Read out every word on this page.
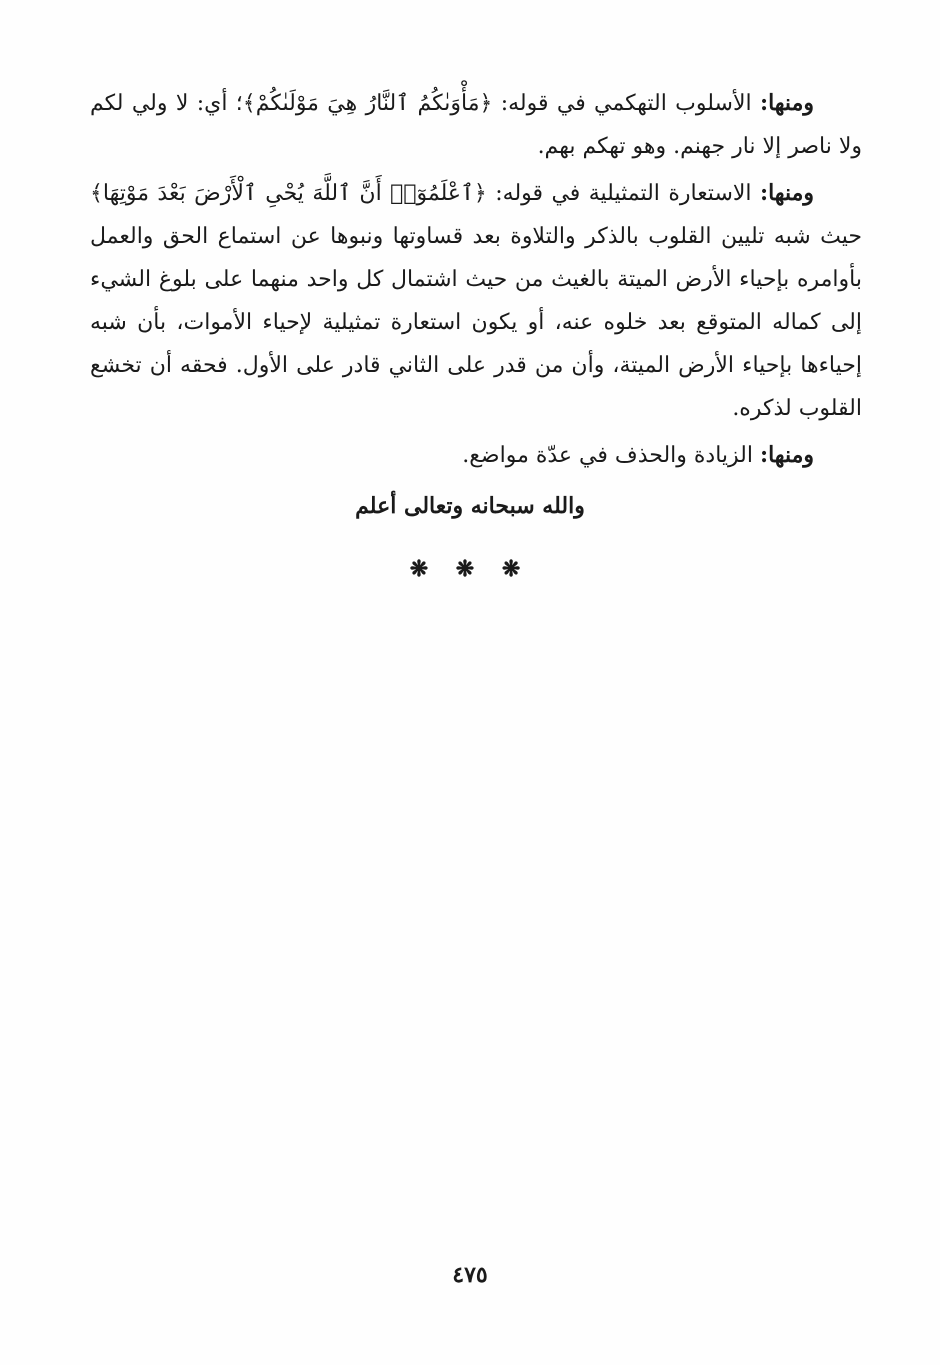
ومنها: الأسلوب التهكمي في قوله: ﴿مَأْوَىٰكُمُ ٱلنَّارُ هِيَ مَوْلَىٰكُمْ﴾؛ أي: لا ولي لكم ولا ناصر إلا نار جهنم. وهو تهكم بهم.

ومنها: الاستعارة التمثيلية في قوله: ﴿ٱعْلَمُوٓا۟ أَنَّ ٱللَّهَ يُحْىِ ٱلْأَرْضَ بَعْدَ مَوْتِهَا﴾ حيث شبه تليين القلوب بالذكر والتلاوة بعد قساوتها ونبوها عن استماع الحق والعمل بأوامره بإحياء الأرض الميتة بالغيث من حيث اشتمال كل واحد منهما على بلوغ الشيء إلى كماله المتوقع بعد خلوه عنه، أو يكون استعارة تمثيلية لإحياء الأموات، بأن شبه إحياءها بإحياء الأرض الميتة، وأن من قدر على الثاني قادر على الأول. فحقه أن تخشع القلوب لذكره.

ومنها: الزيادة والحذف في عدّة مواضع.

والله سبحانه وتعالى أعلم
❋ ❋ ❋
٤٧٥
